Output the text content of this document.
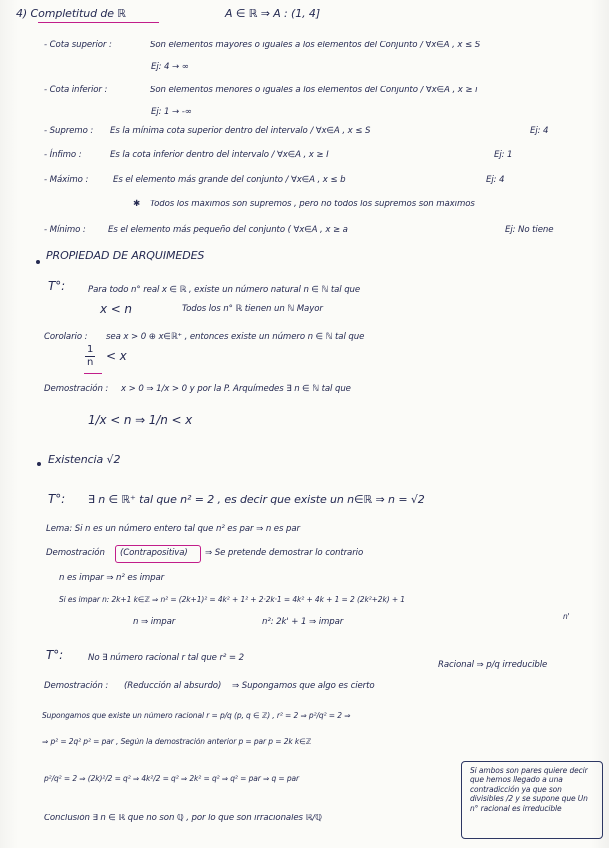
4) Completitud de ℝ	A ∈ ℝ ⇒ A : (1, 4]
- Cota superior :	Son elementos mayores o iguales a los elementos del Conjunto / ∀x∈A , x ≤ S
Ej: 4 → ∞
- Cota inferior :	Son elementos menores o iguales a los elementos del Conjunto / ∀x∈A , x ≥ i
Ej: 1 → -∞
- Supremo : Es la mínima cota superior dentro del intervalo / ∀x∈A , x ≤ S	Ej: 4
- Ínfimo :	Es la cota inferior dentro del intervalo / ∀x∈A , x ≥ I	Ej: 1
- Máximo :	Es el elemento más grande del conjunto / ∀x∈A , x ≤ b	Ej: 4
✱ Todos los máximos son supremos , pero no todos los supremos son máximos
- Mínimo :	Es el elemento más pequeño del conjunto ( ∀x∈A , x ≥ a	Ej: No tiene
PROPIEDAD DE ARQUIMEDES
T°:	Para todo n° real x ∈ ℝ , existe un número natural n ∈ ℕ tal que
x < n	Todos los n° ℝ tienen un ℕ Mayor
Corolario : sea x > 0 ⊕ x∈ℝ⁺ , entonces existe un número n ∈ ℕ tal que
1
n < x
Demostración : x > 0 ⇒ 1/x > 0 y por la P. Arquímedes ∃ n ∈ ℕ tal que
1/x < n ⇒ 1/n < x
Existencia √2
T°: ∃ n ∈ ℝ⁺ tal que n² = 2 , es decir que existe un n∈ℝ ⇒ n = √2
Lema: Si n es un número entero tal que n² es par ⇒ n es par
Demostración (Contrapositiva) ⇒ Se pretende demostrar lo contrario
n es impar ⇒ n² es impar
Si es impar n: 2k+1 k∈ℤ ⇒ n² = (2k+1)² = 4k² + 1² + 2·2k·1 = 4k² + 4k + 1 = 2 (2k²+2k) + 1
n'
n ⇒ impar	n²: 2k' + 1 ⇒ impar
T°:	No ∃ número racional r tal que r² = 2
Racional ⇒ p/q irreducible
Demostración : (Reducción al absurdo) ⇒ Supongamos que algo es cierto
Supongamos que existe un número racional r = p/q (p, q ∈ ℤ) , r² = 2 ⇒ p²/q² = 2 ⇒
⇒ p² = 2q² p² = par , Según la demostración anterior p = par p = 2k k∈ℤ
p²/q² = 2 ⇒ (2k)²/2 = q² ⇒ 4k²/2 = q² ⇒ 2k² = q² ⇒ q² = par ⇒ q = par
Si ambos son pares quiere decir que hemos llegado a una contradicción ya que son divisibles /2 y se supone que Un n° racional es irreducible
Conclusión ∃ n ∈ ℝ que no son ℚ , por lo que son irracionales ℝ/ℚ
